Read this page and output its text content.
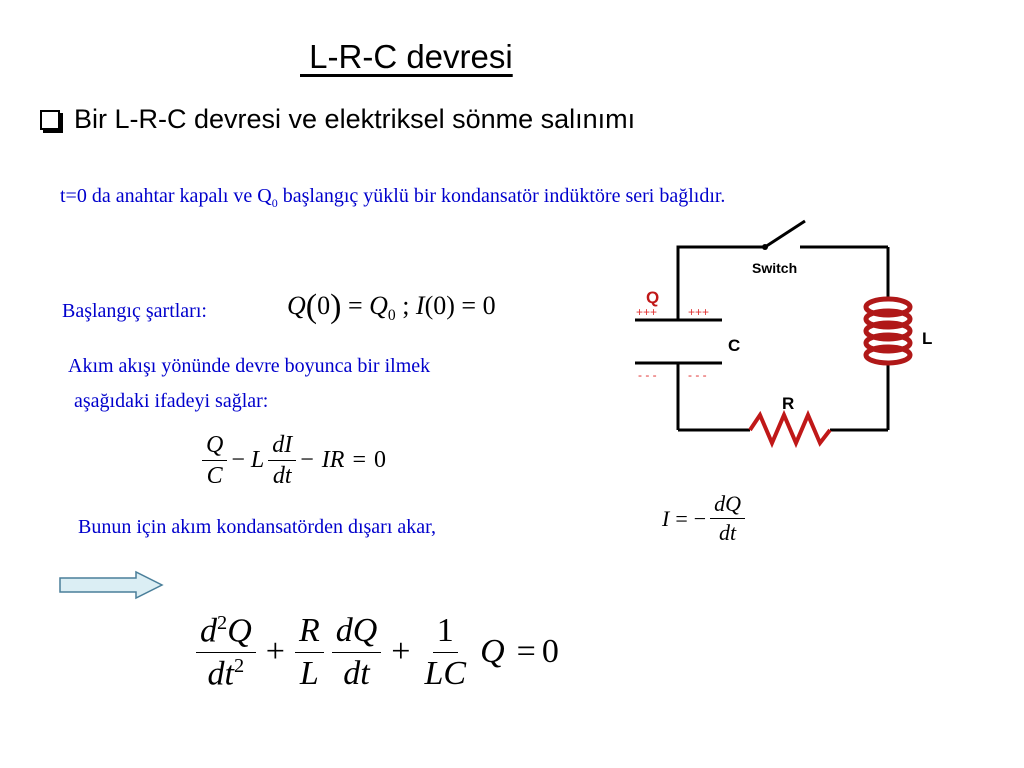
L-R-C devresi
Bir L-R-C devresi ve elektriksel sönme salınımı
t=0 da anahtar kapalı ve $Q_0$ başlangıç yüklü bir kondansatör indüktöre seri bağlıdır.
Başlangıç şartları:	$Q(0) = Q_0$ ; I(0) = 0
Akım akışı yönünde devre boyunca bir ilmek
aşağıdaki ifadeyi sağlar:
$\frac{Q}{C} - L \frac{dI}{dt}$ − IR = 0
Bunun için akım kondansatörden dışarı akar,	I = − $\frac{dQ}{dt}$
$\frac{d^2Q}{dt^2} + \frac{R}{L} \frac{dQ}{dt} + \frac{1}{LC}$ Q = 0
Switch
Q
C	L
R
+++	+++
- - -	- - -
